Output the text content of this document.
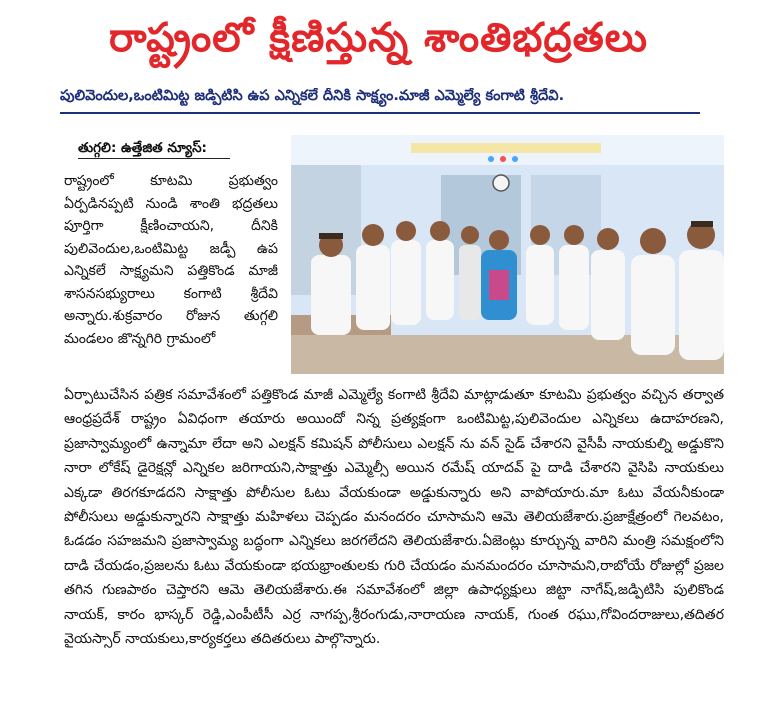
రాష్ట్రంలో క్షీణిస్తున్న శాంతిభద్రతలు
పులివెందుల,ఒంటిమిట్ట జడ్పిటిసి ఉప ఎన్నికలే దీనికి సాక్ష్యం.మాజీ ఎమ్మెల్యే కంగాటి శ్రీదేవి.
తుగ్గలి: ఉత్తేజిత న్యూస్:

రాష్ట్రంలో కూటమి ప్రభుత్వం ఏర్పడినప్పటి నుండి శాంతి భద్రతలు పూర్తిగా క్షీణించాయని, దీనికి పులివెందుల,ఒంటిమిట్ట జడ్పీ ఉప ఎన్నికలే సాక్ష్యమని పత్తికొండ మాజీ శాసనసభ్యురాలు కంగాటి శ్రీదేవి అన్నారు.శుక్రవారం రోజున తుగ్గలి మండలం జొన్నగిరి గ్రామంలో

ఏర్పాటుచేసిన పత్రిక సమావేశంలో పత్తికొండ మాజీ ఎమ్మెల్యే కంగాటి శ్రీదేవి మాట్లాడుతూ కూటమి ప్రభుత్వం వచ్చిన తర్వాత ఆంధ్రప్రదేశ్ రాష్ట్రం ఏవిధంగా తయారు అయిందో నిన్న ప్రత్యక్షంగా ఒంటిమిట్ట,పులివెందుల ఎన్నికలు ఉదాహరణని, ప్రజాస్వామ్యంలో ఉన్నామా లేదా అని ఎలక్షన్ కమిషన్ పోలీసులు ఎలక్షన్ ను వన్ సైడ్ చేశారని వైసీపీ నాయకుల్ని అడ్డుకొని నారా లోకేష్ డైరెక్షన్లో ఎన్నికల జరిగాయని,సాక్షాత్తు ఎమ్మెల్సీ అయిన రమేష్ యాదవ్ పై దాడి చేశారని వైసిపి నాయకులు ఎక్కడా తిరగకూడదని సాక్షాత్తు పోలీసుల ఓటు వేయకుండా అడ్డుకున్నారు అని వాపోయారు.మా ఓటు వేయనీకుండా పోలీసులు అడ్డుకున్నారని సాక్షాత్తు మహిళలు చెప్పడం మనందరం చూసామని ఆమె తెలియజేశారు.ప్రజాక్షేత్రంలో గెలవటం, ఓడడం సహజమని ప్రజాస్వామ్య బద్ధంగా ఎన్నికలు జరగలేదని తెలియజేశారు.ఏజెంట్లు కూర్చున్న వారిని మంత్రి సమక్షంలోని దాడి చేయడం,ప్రజలను ఓటు వేయకుండా భయభ్రాంతులకు గురి చేయడం మనమందరం చూసామని,రాబోయే రోజుల్లో ప్రజల తగిన గుణపాఠం చెప్తారని ఆమె తెలియజేశారు.ఈ సమావేశంలో జిల్లా ఉపాధ్యక్షులు జిట్టా నాగేష్,జడ్పిటిసి పులికొండ నాయక్, కారం భాస్కర్ రెడ్డి,ఎంపీటీసీ ఎర్ర నాగప్ప,శ్రీరంగుడు,నారాయణ నాయక్, గుంత రఘు,గోవిందరాజులు,తదితర వైయస్సార్ నాయకులు,కార్యకర్తలు తదితరులు పాల్గొన్నారు.
